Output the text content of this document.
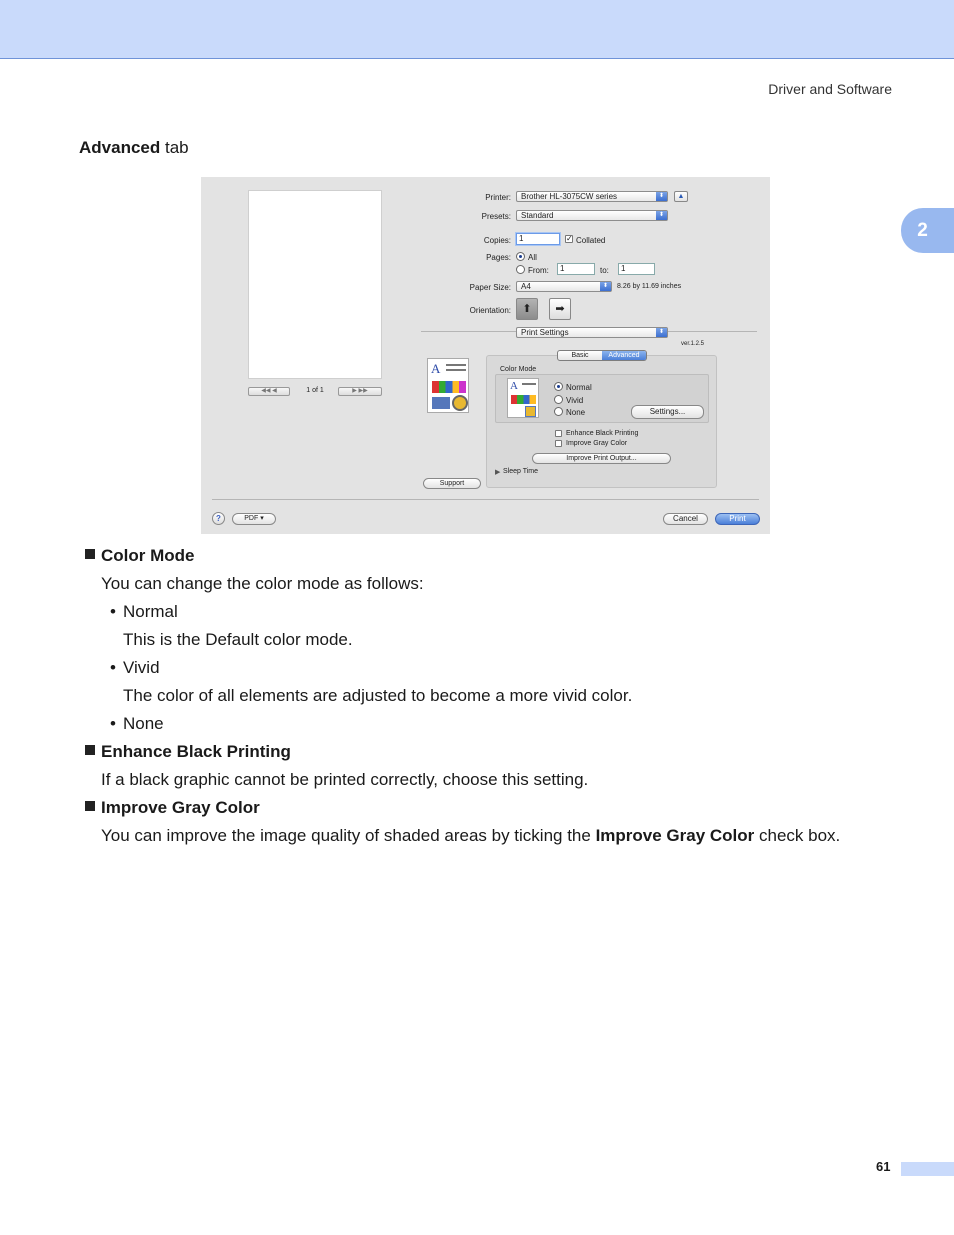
Driver and Software
2
Advanced tab
◀◀ ◀	1 of 1	▶ ▶▶
Printer:	Brother HL-3075CW series	⬍	▲
Presets:	Standard	⬍
Copies:	1	✓ Collated
Pages: All
From:	1	to:	1
Paper Size:	A4	⬍	8.26 by 11.69 inches
Orientation:	⬆	➡
Print Settings	⬍
ver.1.2.5
A
Basic	Advanced
Color Mode
A	Normal
Vivid
None	Settings...
Enhance Black Printing
Improve Gray Color
Improve Print Output...
▶ Sleep Time
Support
?	PDF ▾	Cancel	Print
Color Mode
You can change the color mode as follows:
• Normal
This is the Default color mode.
• Vivid
The color of all elements are adjusted to become a more vivid color.
• None
Enhance Black Printing
If a black graphic cannot be printed correctly, choose this setting.
Improve Gray Color
You can improve the image quality of shaded areas by ticking the Improve Gray Color check box.
61
